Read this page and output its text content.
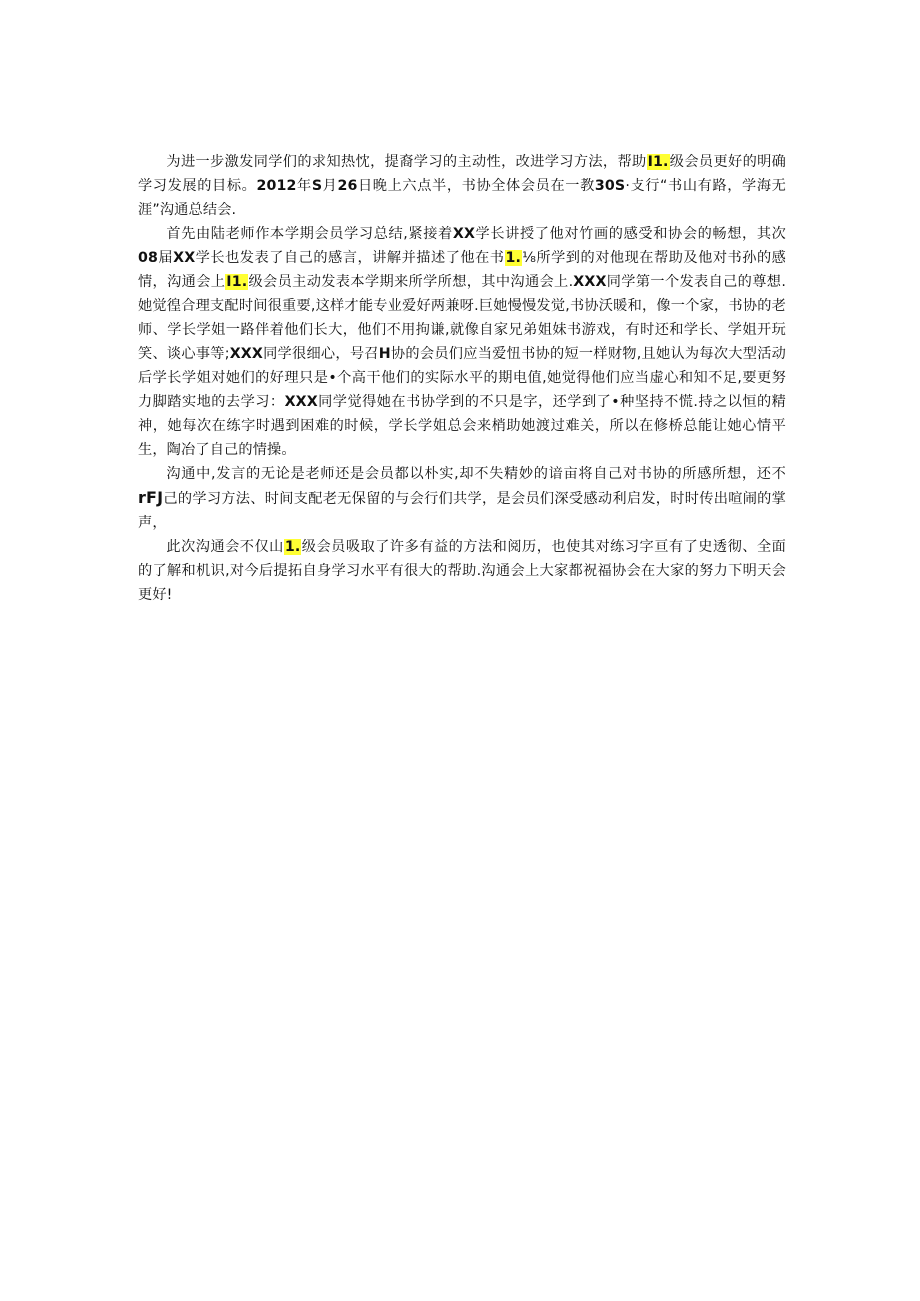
为进一步激发同学们的求知热忱，提裔学习的主动性，改进学习方法，帮助I1.级会员更好的明确学习发展的目标。2012年S月26日晚上六点半，书协全体会员在一教30S·攴行“书山有路，学海无涯”沟通总结会.

首先由陆老师作本学期会员学习总结,紧接着XX学长讲授了他对竹画的感受和协会的畅想，其次08届XX学长也发表了自己的感言，讲解并描述了他在书1.⅛所学到的对他现在帮助及他对书孙的感情，沟通会上I1.级会员主动发表本学期来所学所想，其中沟通会上.XXX同学第一个发表自己的尊想.她觉徨合理支配时间很重要,这样才能专业爱好两兼呀.巨她慢慢发觉,书协沃暖和，像一个家，书协的老师、学长学姐一路伴着他们长大，他们不用拘谦,就像自家兄弟姐妹书游戏，有时还和学长、学姐开玩笑、谈心事等;XXX同学很细心，号召H协的会员们应当爱忸书协的短一样财物,且她认为每次大型活动后学长学姐对她们的好理只是•个高干他们的实际水平的期电值,她觉得他们应当虚心和知不足,要更努力脚踏实地的去学习：XXX同学觉得她在书协学到的不只是字，还学到了•种坚持不慌.持之以恒的精神，她每次在练字时遇到困难的时候，学长学姐总会来梢助她渡过难关，所以在修桥总能让她心情平生，陶冶了自己的情操。

沟通中,发言的无论是老师还是会员都以朴实,却不失精妙的谙亩将自己对书协的所感所想，还不rFJ己的学习方法、时间支配老无保留的与会行们共学，是会员们深受感动利启发，时时传出喧闹的掌声，

此次沟通会不仅山1.级会员吸取了许多有益的方法和阅历，也使其对练习字亘有了史透彻、全面的了解和机识,对今后提拓自身学习水平有很大的帮助.沟通会上大家都祝福协会在大家的努力下明天会更好!
